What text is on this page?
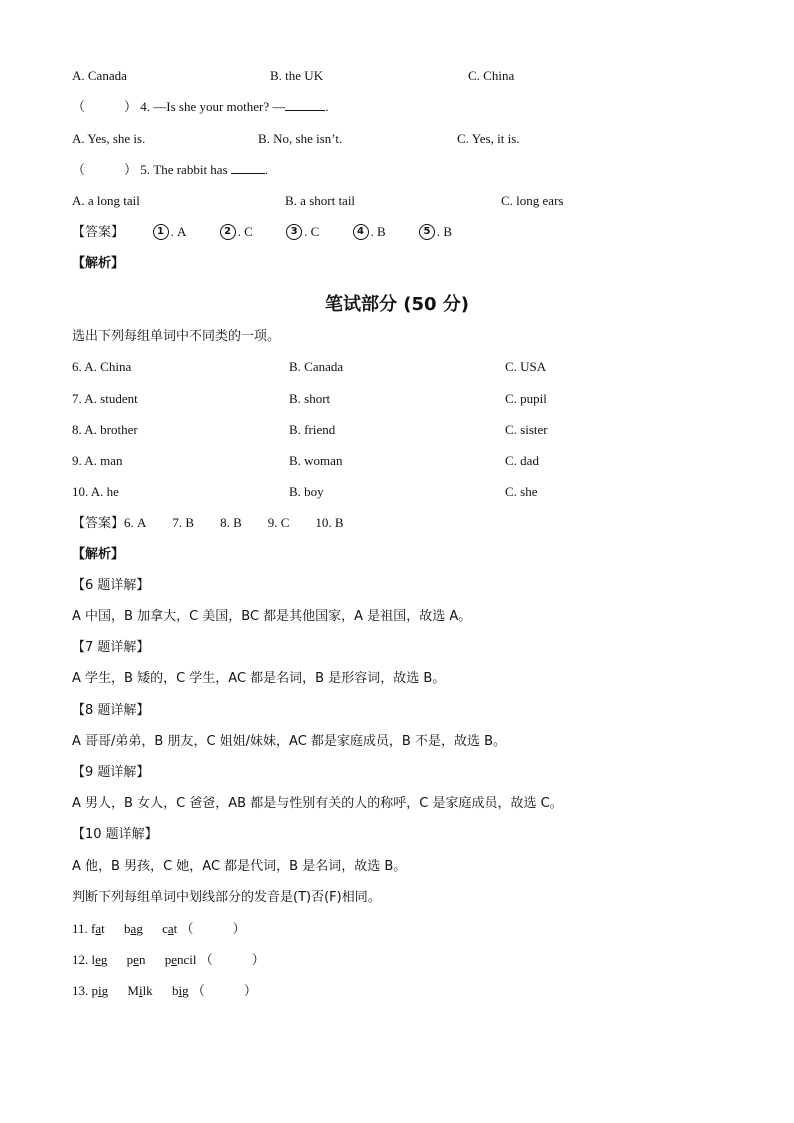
A. Canada	B. the UK	C. China
（　　　） 4. —Is she your mother? —	.
A. Yes, she is.	B. No, she isn’t.	C. Yes, it is.
（　　　） 5. The rabbit has	.
A. a long tail	B. a short tail	C. long ears
【答案】	1 . A	2 . C	3 . C	4 . B	5 . B
【解析】
笔试部分 (50 分)
选出下列每组单词中不同类的一项。
6. A. China	B. Canada	C. USA
7. A. student	B. short	C. pupil
8. A. brother	B. friend	C. sister
9. A. man	B. woman	C. dad
10. A. he	B. boy	C. she
【答案】6. A 7. B 8. B 9. C 10. B
【解析】
【6 题详解】
A 中国，B 加拿大，C 美国，BC 都是其他国家，A 是祖国，故选 A。
【7 题详解】
A 学生，B 矮的，C 学生，AC 都是名词，B 是形容词，故选 B。
【8 题详解】
A 哥哥/弟弟，B 朋友，C 姐姐/妹妹，AC 都是家庭成员，B 不是，故选 B。
【9 题详解】
A 男人，B 女人，C 爸爸，AB 都是与性别有关的人的称呼，C 是家庭成员，故选 C。
【10 题详解】
A 他，B 男孩，C 她，AC 都是代词，B 是名词，故选 B。
判断下列每组单词中划线部分的发音是(T)否(F)相同。
11. fat bag cat （　　　）
12. leg pen pencil （　　　）
13. pig Milk big （　　　）
